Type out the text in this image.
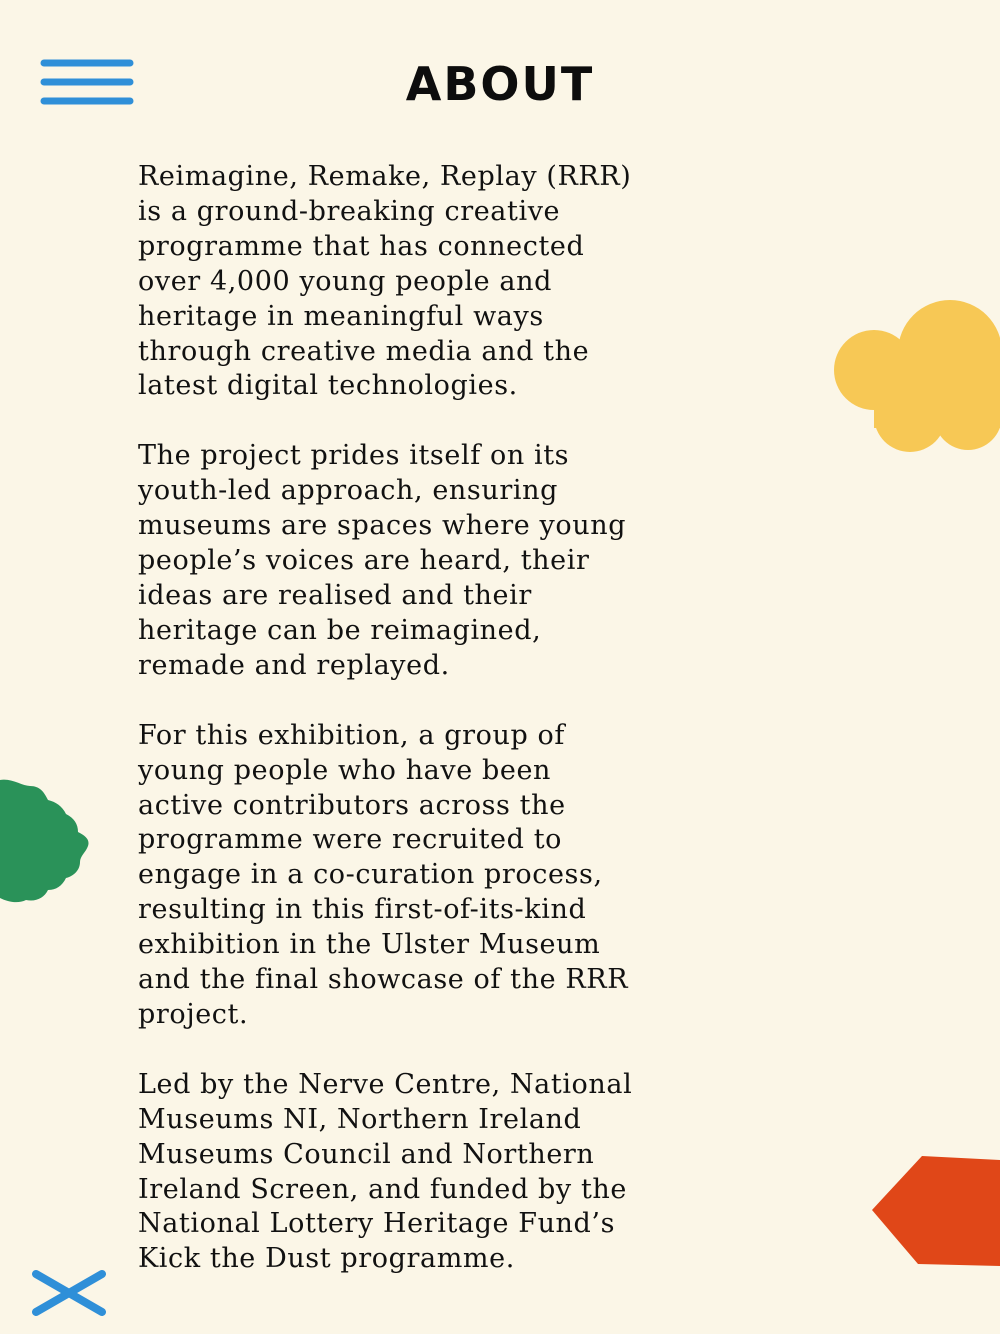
ABOUT

Reimagine, Remake, Replay (RRR)
is a ground-breaking creative
programme that has connected
over 4,000 young people and
heritage in meaningful ways
through creative media and the
latest digital technologies.

The project prides itself on its
youth-led approach, ensuring
museums are spaces where young
people’s voices are heard, their
ideas are realised and their
heritage can be reimagined,
remade and replayed.

For this exhibition, a group of
young people who have been
active contributors across the
programme were recruited to
engage in a co-curation process,
resulting in this first-of-its-kind
exhibition in the Ulster Museum
and the final showcase of the RRR
project.

Led by the Nerve Centre, National
Museums NI, Northern Ireland
Museums Council and Northern
Ireland Screen, and funded by the
National Lottery Heritage Fund’s
Kick the Dust programme.
